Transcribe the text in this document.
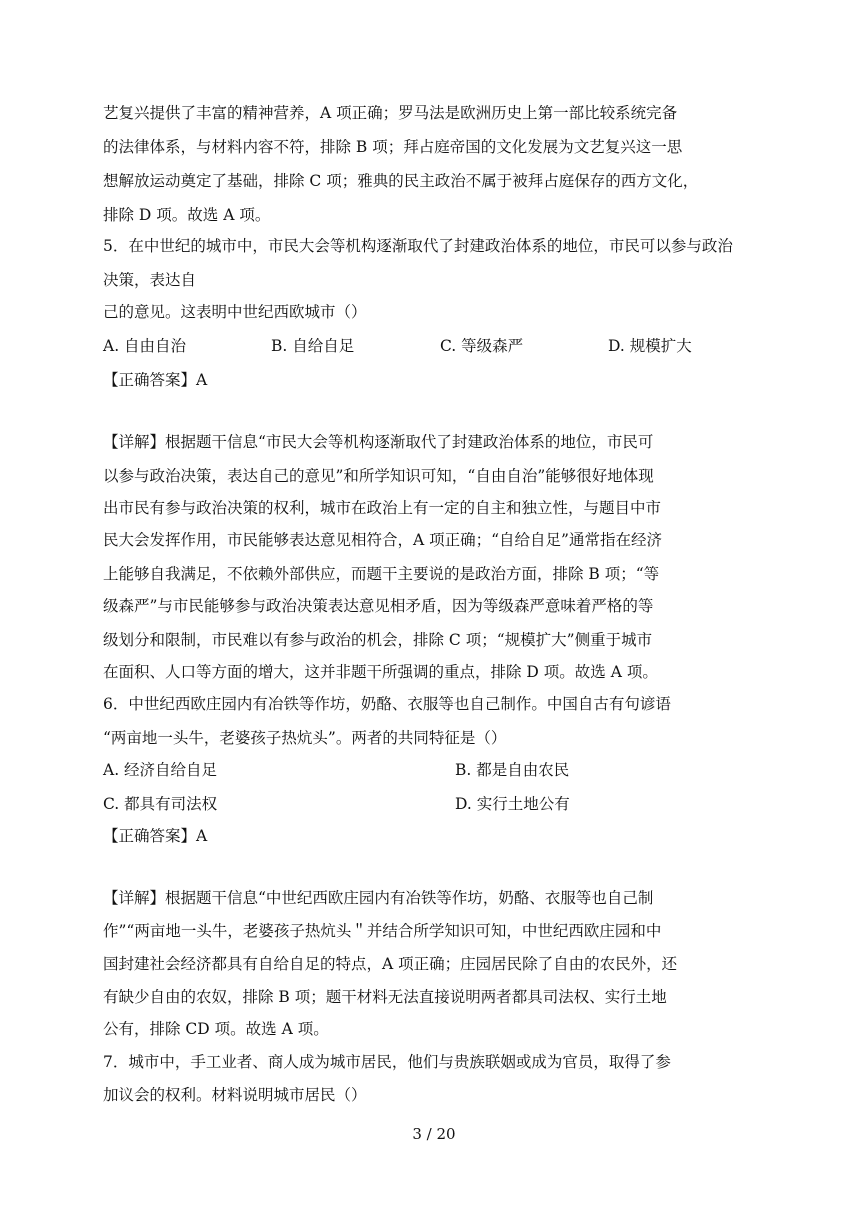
艺复兴提供了丰富的精神营养，A 项正确；罗马法是欧洲历史上第一部比较系统完备
的法律体系，与材料内容不符，排除 B 项；拜占庭帝国的文化发展为文艺复兴这一思
想解放运动奠定了基础，排除 C 项；雅典的民主政治不属于被拜占庭保存的西方文化，
排除 D 项。故选 A 项。
5．在中世纪的城市中，市民大会等机构逐渐取代了封建政治体系的地位，市民可以参与政治
决策，表达自
己的意见。这表明中世纪西欧城市（）
A. 自由自治	B. 自给自足	C. 等级森严	D. 规模扩大
【正确答案】A
【详解】根据题干信息“市民大会等机构逐渐取代了封建政治体系的地位，市民可
以参与政治决策，表达自己的意见”和所学知识可知，“自由自治”能够很好地体现
出市民有参与政治决策的权利，城市在政治上有一定的自主和独立性，与题目中市
民大会发挥作用，市民能够表达意见相符合，A 项正确；“自给自足”通常指在经济
上能够自我满足，不依赖外部供应，而题干主要说的是政治方面，排除 B 项；“等
级森严”与市民能够参与政治决策表达意见相矛盾，因为等级森严意味着严格的等
级划分和限制，市民难以有参与政治的机会，排除 C 项；“规模扩大”侧重于城市
在面积、人口等方面的增大，这并非题干所强调的重点，排除 D 项。故选 A 项。
6．中世纪西欧庄园内有冶铁等作坊，奶酪、衣服等也自己制作。中国自古有句谚语
“两亩地一头牛，老婆孩子热炕头”。两者的共同特征是（）
A. 经济自给自足	B. 都是自由农民
C. 都具有司法权	D. 实行土地公有
【正确答案】A
【详解】根据题干信息“中世纪西欧庄园内有冶铁等作坊，奶酪、衣服等也自己制
作”“两亩地一头牛，老婆孩子热炕头＂并结合所学知识可知，中世纪西欧庄园和中
国封建社会经济都具有自给自足的特点，A 项正确；庄园居民除了自由的农民外，还
有缺少自由的农奴，排除 B 项；题干材料无法直接说明两者都具司法权、实行土地
公有，排除 CD 项。故选 A 项。
7．城市中，手工业者、商人成为城市居民，他们与贵族联姻或成为官员，取得了参
加议会的权利。材料说明城市居民（）
3 / 20
